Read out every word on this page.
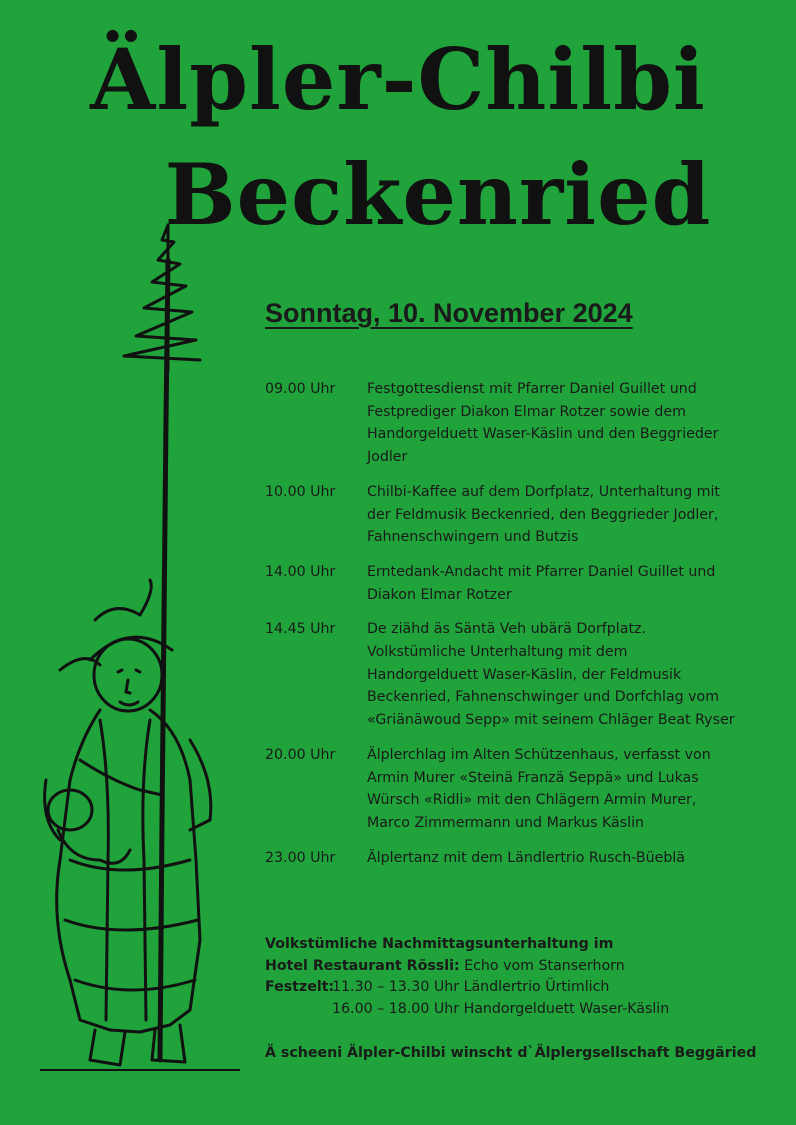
Älpler-Chilbi
Beckenried
Sonntag, 10. November 2024
09.00 Uhr	Festgottesdienst mit Pfarrer Daniel Guillet und Festprediger Diakon Elmar Rotzer sowie dem Handorgelduett Waser-Käslin und den Beggrieder Jodler
10.00 Uhr	Chilbi-Kaffee auf dem Dorfplatz, Unterhaltung mit der Feldmusik Beckenried, den Beggrieder Jodler, Fahnenschwingern und Butzis
14.00 Uhr	Erntedank-Andacht mit Pfarrer Daniel Guillet und Diakon Elmar Rotzer
14.45 Uhr	De ziähd äs Säntä Veh ubärä Dorfplatz. Volkstümliche Unterhaltung mit dem Handorgelduett Waser-Käslin, der Feldmusik Beckenried, Fahnenschwinger und Dorfchlag vom «Griänäwoud Sepp» mit seinem Chläger Beat Ryser
20.00 Uhr	Älplerchlag im Alten Schützenhaus, verfasst von Armin Murer «Steinä Franzä Seppä» und Lukas Würsch «Ridli» mit den Chlägern Armin Murer, Marco Zimmermann und Markus Käslin
23.00 Uhr	Älplertanz mit dem Ländlertrio Rusch-Büeblä
Volkstümliche Nachmittagsunterhaltung im
Hotel Restaurant Rössli: Echo vom Stanserhorn
Festzelt:
11.30 – 13.30 Uhr Ländlertrio Ürtimlich
16.00 – 18.00 Uhr Handorgelduett Waser-Käslin

Ä scheeni Älpler-Chilbi winscht d`Älplergsellschaft Beggäried
